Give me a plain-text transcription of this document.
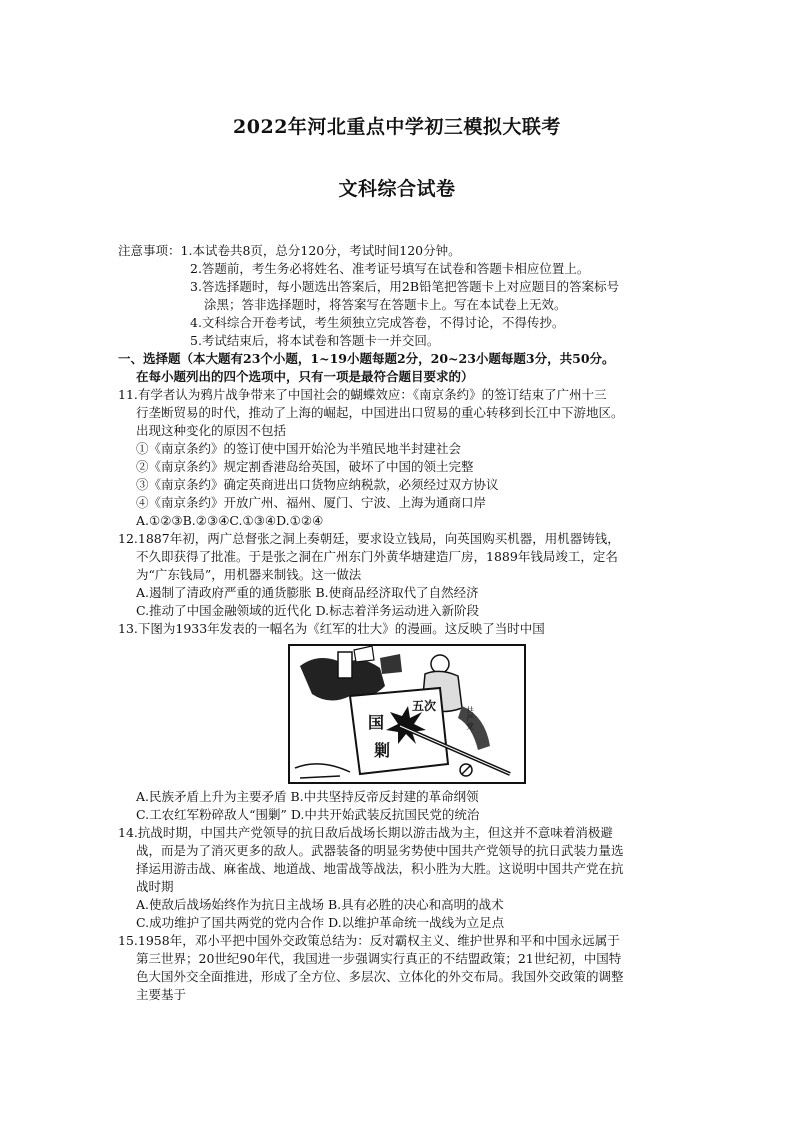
2022年河北重点中学初三模拟大联考
文科综合试卷
注意事项：1.本试卷共8页，总分120分，考试时间120分钟。
2.答题前，考生务必将姓名、准考证号填写在试卷和答题卡相应位置上。
3.答选择题时，每小题选出答案后，用2B铅笔把答题卡上对应题目的答案标号
涂黑；答非选择题时，将答案写在答题卡上。写在本试卷上无效。
4.文科综合开卷考试，考生须独立完成答卷，不得讨论，不得传抄。
5.考试结束后，将本试卷和答题卡一并交回。
一、选择题（本大题有23个小题，1~19小题每题2分，20~23小题每题3分，共50分。
在每小题列出的四个选项中，只有一项是最符合题目要求的）
11.有学者认为鸦片战争带来了中国社会的蝴蝶效应：《南京条约》的签订结束了广州十三
行垄断贸易的时代，推动了上海的崛起，中国进出口贸易的重心转移到长江中下游地区。
出现这种变化的原因不包括
①《南京条约》的签订使中国开始沦为半殖民地半封建社会
②《南京条约》规定割香港岛给英国，破坏了中国的领土完整
③《南京条约》确定英商进出口货物应纳税款，必须经过双方协议
④《南京条约》开放广州、福州、厦门、宁波、上海为通商口岸
A.①②③B.②③④C.①③④D.①②④
12.1887年初，两广总督张之洞上奏朝廷，要求设立钱局，向英国购买机器，用机器铸钱，
不久即获得了批准。于是张之洞在广州东门外黄华塘建造厂房，1889年钱局竣工，定名
为“广东钱局”，用机器来制钱。这一做法
A.遏制了清政府严重的通货膨胀 B.使商品经济取代了自然经济
C.推动了中国金融领域的近代化 D.标志着洋务运动进入新阶段
13.下图为1933年发表的一幅名为《红军的壮大》的漫画。这反映了当时中国
国
剿
五次	共产党
A.民族矛盾上升为主要矛盾 B.中共坚持反帝反封建的革命纲领
C.工农红军粉碎敌人“围剿” D.中共开始武装反抗国民党的统治
14.抗战时期，中国共产党领导的抗日敌后战场长期以游击战为主，但这并不意味着消极避
战，而是为了消灭更多的敌人。武器装备的明显劣势使中国共产党领导的抗日武装力量选
择运用游击战、麻雀战、地道战、地雷战等战法，积小胜为大胜。这说明中国共产党在抗
战时期
A.使敌后战场始终作为抗日主战场 B.具有必胜的决心和高明的战术
C.成功维护了国共两党的党内合作 D.以维护革命统一战线为立足点
15.1958年，邓小平把中国外交政策总结为：反对霸权主义、维护世界和平和中国永远属于
第三世界；20世纪90年代，我国进一步强调实行真正的不结盟政策；21世纪初，中国特
色大国外交全面推进，形成了全方位、多层次、立体化的外交布局。我国外交政策的调整
主要基于
